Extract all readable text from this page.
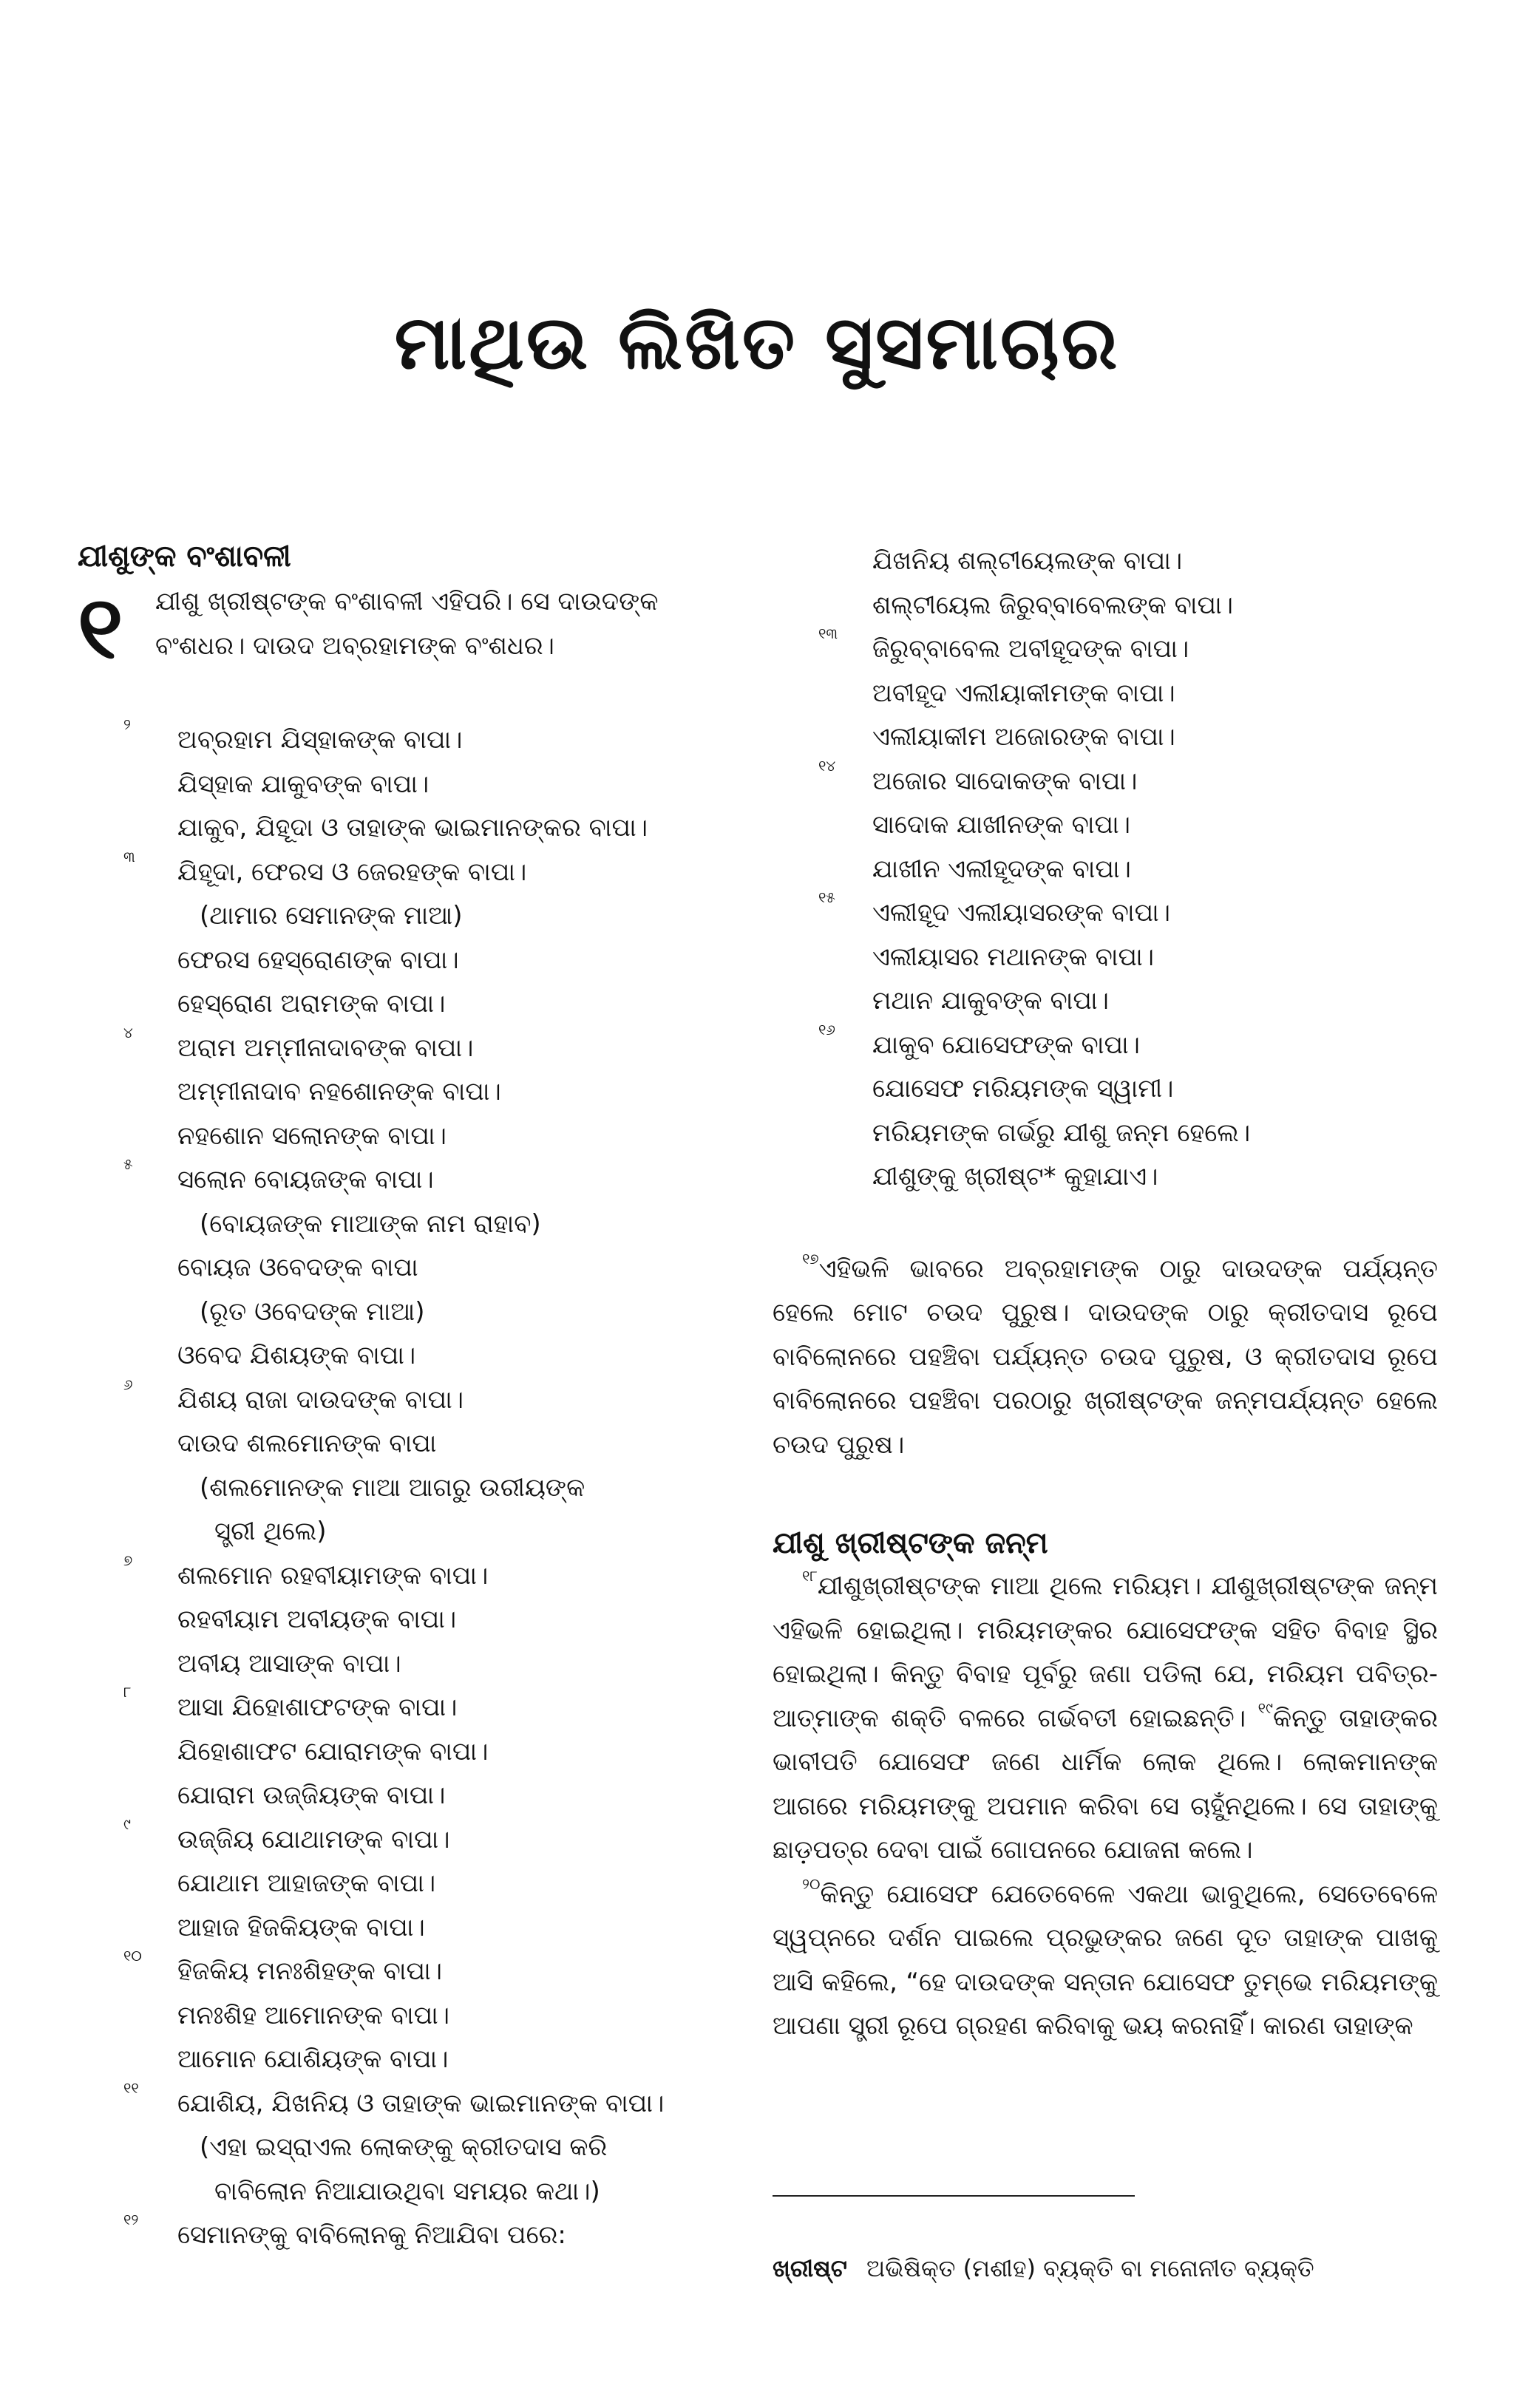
ମାଥିଉ ଲିଖିତ ସୁସମାଚାର
ଯୀଶୁଙ୍କ ବଂଶାବଳୀ
୧ ଯୀଶୁ ଖ୍ରୀଷ୍ଟଙ୍କ ବଂଶାବଳୀ ଏହିପରି। ସେ ଦାଉଦଙ୍କ ବଂଶଧର। ଦାଉଦ ଅବ୍ରହାମଙ୍କ ବଂଶଧର।
୨
ଅବ୍ରହାମ ଯିସ୍‌ହାକଙ୍କ ବାପା।
ଯିସ୍‌ହାକ ଯାକୁବଙ୍କ ବାପା।
ଯାକୁବ, ଯିହୂଦା ଓ ତାହାଙ୍କ ଭାଇମାନଙ୍କର ବାପା।
୩
ଯିହୂଦା, ଫେରସ ଓ ଜେରହଙ୍କ ବାପା।
(ଥାମାର ସେମାନଙ୍କ ମାଆ)
ଫେରସ ହେସ୍ରୋଣଙ୍କ ବାପା।
ହେସ୍ରୋଣ ଅରାମଙ୍କ ବାପା।
୪
ଅରାମ ଅମ୍ମୀନାଦାବଙ୍କ ବାପା।
ଅମ୍ମୀନାଦାବ ନହଶୋନଙ୍କ ବାପା।
ନହଶୋନ ସଲୋନଙ୍କ ବାପା।
୫
ସଲୋନ ବୋୟଜଙ୍କ ବାପା।
(ବୋୟଜଙ୍କ ମାଆଙ୍କ ନାମ ରାହାବ)
ବୋୟଜ ଓବେଦଙ୍କ ବାପା
(ରୂତ ଓବେଦଙ୍କ ମାଆ)
ଓବେଦ ଯିଶୟଙ୍କ ବାପା।
୬
ଯିଶୟ ରାଜା ଦାଉଦଙ୍କ ବାପା।
ଦାଉଦ ଶଲମୋନଙ୍କ ବାପା
(ଶଲମୋନଙ୍କ ମାଆ ଆଗରୁ ଉରୀୟଙ୍କ
ସ୍ତ୍ରୀ ଥିଲେ)
୭
ଶଲମୋନ ରହବୀୟାମଙ୍କ ବାପା।
ରହବୀୟାମ ଅବୀୟଙ୍କ ବାପା।
ଅବୀୟ ଆସାଙ୍କ ବାପା।
୮
ଆସା ଯିହୋଶାଫଟଙ୍କ ବାପା।
ଯିହୋଶାଫଟ ଯୋରାମଙ୍କ ବାପା।
ଯୋରାମ ଉଜ୍ଜିୟଙ୍କ ବାପା।
୯
ଉଜ୍ଜିୟ ଯୋଥାମଙ୍କ ବାପା।
ଯୋଥାମ ଆହାଜଙ୍କ ବାପା।
ଆହାଜ ହିଜକିୟଙ୍କ ବାପା।
୧୦
ହିଜକିୟ ମନଃଶିହଙ୍କ ବାପା।
ମନଃଶିହ ଆମୋନଙ୍କ ବାପା।
ଆମୋନ ଯୋଶିୟଙ୍କ ବାପା।
୧୧
ଯୋଶିୟ, ଯିଖନିୟ ଓ ତାହାଙ୍କ ଭାଇମାନଙ୍କ ବାପା।
(ଏହା ଇସ୍ରାଏଲ ଲୋକଙ୍କୁ କ୍ରୀତଦାସ କରି
ବାବିଲୋନ ନିଆଯାଉଥିବା ସମୟର କଥା।)
୧୨
ସେମାନଙ୍କୁ ବାବିଲୋନକୁ ନିଆଯିବା ପରେ:
ଯିଖନିୟ ଶଲ୍‌ଟୀୟେଲଙ୍କ ବାପା।
ଶଲ୍‌ଟୀୟେଲ ଜିରୁବ୍ବାବେଲଙ୍କ ବାପା।
୧୩
ଜିରୁବ୍ବାବେଲ ଅବୀହୂଦଙ୍କ ବାପା।
ଅବୀହୂଦ ଏଲୀୟାକୀମଙ୍କ ବାପା।
ଏଲୀୟାକୀମ ଅଜୋରଙ୍କ ବାପା।
୧୪
ଅଜୋର ସାଦୋକଙ୍କ ବାପା।
ସାଦୋକ ଯାଖୀନଙ୍କ ବାପା।
ଯାଖୀନ ଏଲୀହୂଦଙ୍କ ବାପା।
୧୫
ଏଲୀହୂଦ ଏଲୀୟାସରଙ୍କ ବାପା।
ଏଲୀୟାସର ମଥାନଙ୍କ ବାପା।
ମଥାନ ଯାକୁବଙ୍କ ବାପା।
୧୬
ଯାକୁବ ଯୋସେଫଙ୍କ ବାପା।
ଯୋସେଫ ମରିୟମଙ୍କ ସ୍ୱାମୀ।
ମରିୟମଙ୍କ ଗର୍ଭରୁ ଯୀଶୁ ଜନ୍ମ ହେଲେ।
ଯୀଶୁଙ୍କୁ ଖ୍ରୀଷ୍ଟ* କୁହାଯାଏ।

$^{୧୭}$ଏହିଭଳି ଭାବରେ ଅବ୍ରହାମଙ୍କ ଠାରୁ ଦାଉଦଙ୍କ ପର୍ଯ୍ୟନ୍ତ ହେଲେ ମୋଟ ଚଉଦ ପୁରୁଷ। ଦାଉଦଙ୍କ ଠାରୁ କ୍ରୀତଦାସ ରୂପେ ବାବିଲୋନରେ ପହଞ୍ଚିବା ପର୍ଯ୍ୟନ୍ତ ଚଉଦ ପୁରୁଷ, ଓ କ୍ରୀତଦାସ ରୂପେ ବାବିଲୋନରେ ପହଞ୍ଚିବା ପରଠାରୁ ଖ୍ରୀଷ୍ଟଙ୍କ ଜନ୍ମପର୍ଯ୍ୟନ୍ତ ହେଲେ ଚଉଦ ପୁରୁଷ।

ଯୀଶୁ ଖ୍ରୀଷ୍ଟଙ୍କ ଜନ୍ମ

$^{୧୮}$ଯୀଶୁଖ୍ରୀଷ୍ଟଙ୍କ ମାଆ ଥିଲେ ମରିୟମ। ଯୀଶୁଖ୍ରୀଷ୍ଟଙ୍କ ଜନ୍ମ ଏହିଭଳି ହୋଇଥିଲା। ମରିୟମଙ୍କର ଯୋସେଫଙ୍କ ସହିତ ବିବାହ ସ୍ଥିର ହୋଇଥିଲା। କିନ୍ତୁ ବିବାହ ପୂର୍ବରୁ ଜଣା ପଡିଲା ଯେ, ମରିୟମ ପବିତ୍ର-ଆତ୍ମାଙ୍କ ଶକ୍ତି ବଳରେ ଗର୍ଭବତୀ ହୋଇଛନ୍ତି। $^{୧୯}$କିନ୍ତୁ ତାହାଙ୍କର ଭାବୀପତି ଯୋସେଫ ଜଣେ ଧାର୍ମିକ ଲୋକ ଥିଲେ। ଲୋକମାନଙ୍କ ଆଗରେ ମରିୟମଙ୍କୁ ଅପମାନ କରିବା ସେ ଚାହୁଁନଥିଲେ। ସେ ତାହାଙ୍କୁ ଛାଡ଼ପତ୍ର ଦେବା ପାଇଁ ଗୋପନରେ ଯୋଜନା କଲେ।

$^{୨୦}$କିନ୍ତୁ ଯୋସେଫ ଯେତେବେଳେ ଏକଥା ଭାବୁଥିଲେ, ସେତେବେଳେ ସ୍ୱପ୍ନରେ ଦର୍ଶନ ପାଇଲେ ପ୍ରଭୁଙ୍କର ଜଣେ ଦୂତ ତାହାଙ୍କ ପାଖକୁ ଆସି କହିଲେ, “ହେ ଦାଉଦଙ୍କ ସନ୍ତାନ ଯୋସେଫ ତୁମ୍ଭେ ମରିୟମଙ୍କୁ ଆପଣା ସ୍ତ୍ରୀ ରୂପେ ଗ୍ରହଣ କରିବାକୁ ଭୟ କରନାହିଁ। କାରଣ ତାହାଙ୍କ

ଖ୍ରୀଷ୍ଟ ଅଭିଷିକ୍ତ (ମଶୀହ) ବ୍ୟକ୍ତି ବା ମନୋନୀତ ବ୍ୟକ୍ତି
